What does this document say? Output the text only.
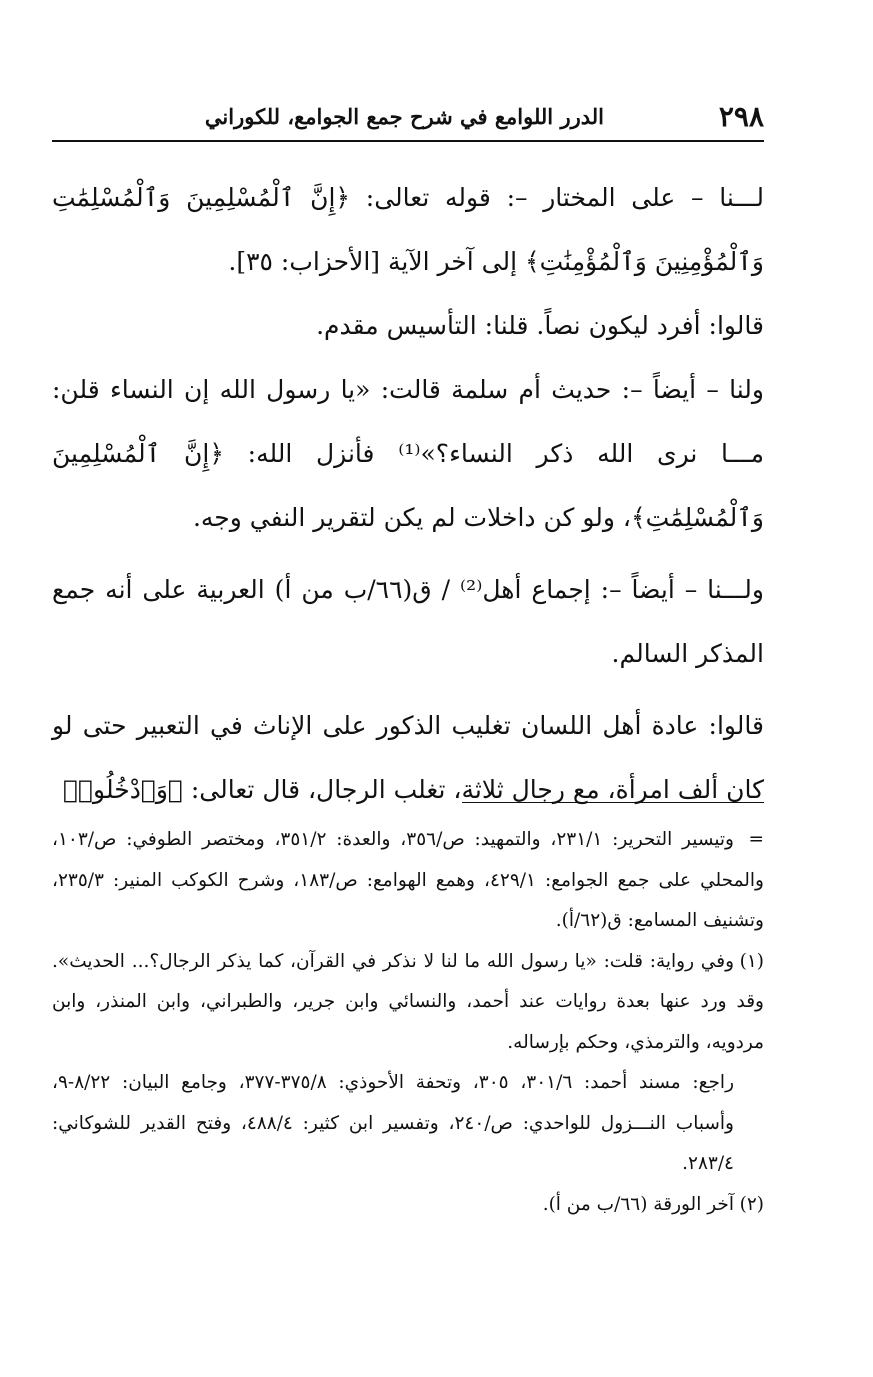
٢٩٨
الدرر اللوامع في شرح جمع الجوامع، للكوراني

لـــنا – على المختار –: قوله تعالى: ﴿إِنَّ ٱلْمُسْلِمِينَ وَٱلْمُسْلِمَٰتِ وَٱلْمُؤْمِنِينَ وَٱلْمُؤْمِنَٰتِ﴾ إلى آخر الآية [الأحزاب: ٣٥].

قالوا: أفرد ليكون نصاً. قلنا: التأسيس مقدم.

ولنا – أيضاً –: حديث أم سلمة قالت: «يا رسول الله إن النساء قلن: مـــا نرى الله ذكر النساء؟»⁽¹⁾ فأنزل الله: ﴿إِنَّ ٱلْمُسْلِمِينَ وَٱلْمُسْلِمَٰتِ﴾، ولو كن داخلات لم يكن لتقرير النفي وجه.

ولـــنا – أيضاً –: إجماع أهل⁽²⁾ / ق(٦٦/ب من أ) العربية على أنه جمع المذكر السالم.

قالوا: عادة أهل اللسان تغليب الذكور على الإناث في التعبير حتى لو كان ألف امرأة، مع رجال ثلاثة، تغلب الرجال، قال تعالى: ﴿وَٱدْخُلُوا۟

=وتيسير التحرير: ٢٣١/١، والتمهيد: ص/٣٥٦، والعدة: ٣٥١/٢، ومختصر الطوفي: ص/١٠٣، والمحلي على جمع الجوامع: ٤٢٩/١، وهمع الهوامع: ص/١٨٣، وشرح الكوكب المنير: ٢٣٥/٣، وتشنيف المسامع: ق(٦٢/أ).

(١)وفي رواية: قلت: «يا رسول الله ما لنا لا نذكر في القرآن، كما يذكر الرجال؟... الحديث». وقد ورد عنها بعدة روايات عند أحمد، والنسائي وابن جرير، والطبراني، وابن المنذر، وابن مردويه، والترمذي، وحكم بإرساله.

راجع: مسند أحمد: ٣٠١/٦، ٣٠٥، وتحفة الأحوذي: ٣٧٥/٨-٣٧٧، وجامع البيان: ٨/٢٢-٩، وأسباب النـــزول للواحدي: ص/٢٤٠، وتفسير ابن كثير: ٤٨٨/٤، وفتح القدير للشوكاني: ٢٨٣/٤.

(٢)آخر الورقة (٦٦/ب من أ).
